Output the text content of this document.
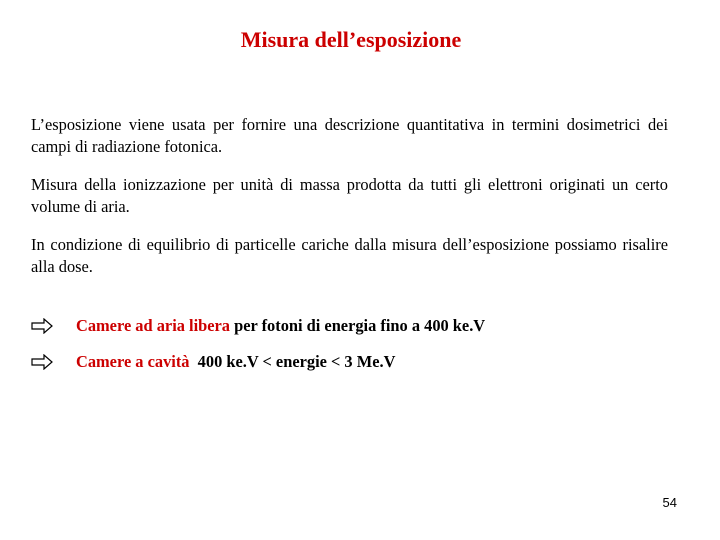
Misura dell’esposizione
L’esposizione viene usata per fornire una descrizione quantitativa in termini dosimetrici dei campi di radiazione fotonica.
Misura della ionizzazione per unità di massa prodotta da tutti gli elettroni originati un certo volume di aria.
In condizione di equilibrio di particelle cariche dalla misura dell’esposizione possiamo risalire alla dose.
Camere ad aria libera per fotoni di energia fino a 400 ke.V
Camere a cavità  400 ke.V < energie < 3 Me.V
54
